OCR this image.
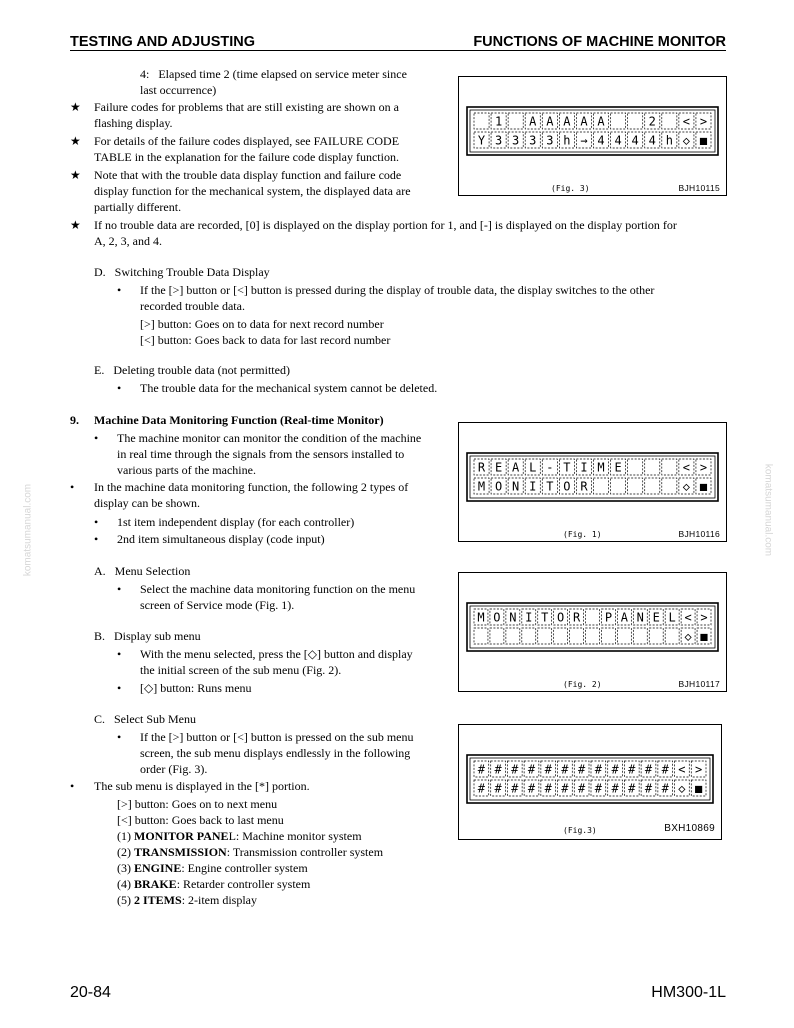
TESTING AND ADJUSTING	FUNCTIONS OF MACHINE MONITOR
4:   Elapsed time 2 (time elapsed on service meter since
last occurrence)
★ Failure codes for problems that are still existing are shown on a
flashing display.
★ For details of the failure codes displayed, see FAILURE CODE
TABLE in the explanation for the failure code display function.
★ Note that with the trouble data display function and failure code
display function for the mechanical system, the displayed data are
partially different.
★ If no trouble data are recorded, [0] is displayed on the display portion for 1, and [-] is displayed on the display portion for
A, 2, 3, and 4.
D.   Switching Trouble Data Display
• If the [>] button or [<] button is pressed during the display of trouble data, the display switches to the other
recorded trouble data.
[>] button: Goes on to data for next record number
[<] button: Goes back to data for last record number
E.   Deleting trouble data (not permitted)
• The trouble data for the mechanical system cannot be deleted.
9.     Machine Data Monitoring Function (Real-time Monitor)
• The machine monitor can monitor the condition of the machine
in real time through the signals from the sensors installed to
various parts of the machine.
• In the machine data monitoring function, the following 2 types of
display can be shown.
• 1st item independent display (for each controller)
• 2nd item simultaneous display (code input)
A.   Menu Selection
• Select the machine data monitoring function on the menu
screen of Service mode (Fig. 1).
B.   Display sub menu
• With the menu selected, press the [◇] button and display
the initial screen of the sub menu (Fig. 2).
• [◇] button: Runs menu
C.   Select Sub Menu
• If the [>] button or [<] button is pressed on the sub menu
screen, the sub menu displays endlessly in the following
order (Fig. 3).
• The sub menu is displayed in the [*] portion.
[>] button: Goes on to next menu
[<] button: Goes back to last menu
(1) MONITOR PANEL: Machine monitor system
(2) TRANSMISSION: Transmission controller system
(3) ENGINE: Engine controller system
(4) BRAKE: Retarder controller system
(5) 2 ITEMS: 2-item display
1 A A A A A	2 < >
Y 3 3 3 3 h → 4 4 4 4 h ◇ ■
(Fig. 3)	BJH10115
R E A L - T I M E	< >
M O N I T O R	◇ ■
(Fig. 1)	BJH10116
M O N I T O R P A N E L < >
◇ ■
(Fig. 2)	BJH10117
# # # # # # # # # # # # < >
# # # # # # # # # # # # ◇ ■
(Fig.3)	BXH10869
komatsumanual.com	komatsumanual.com
20-84	HM300-1L
